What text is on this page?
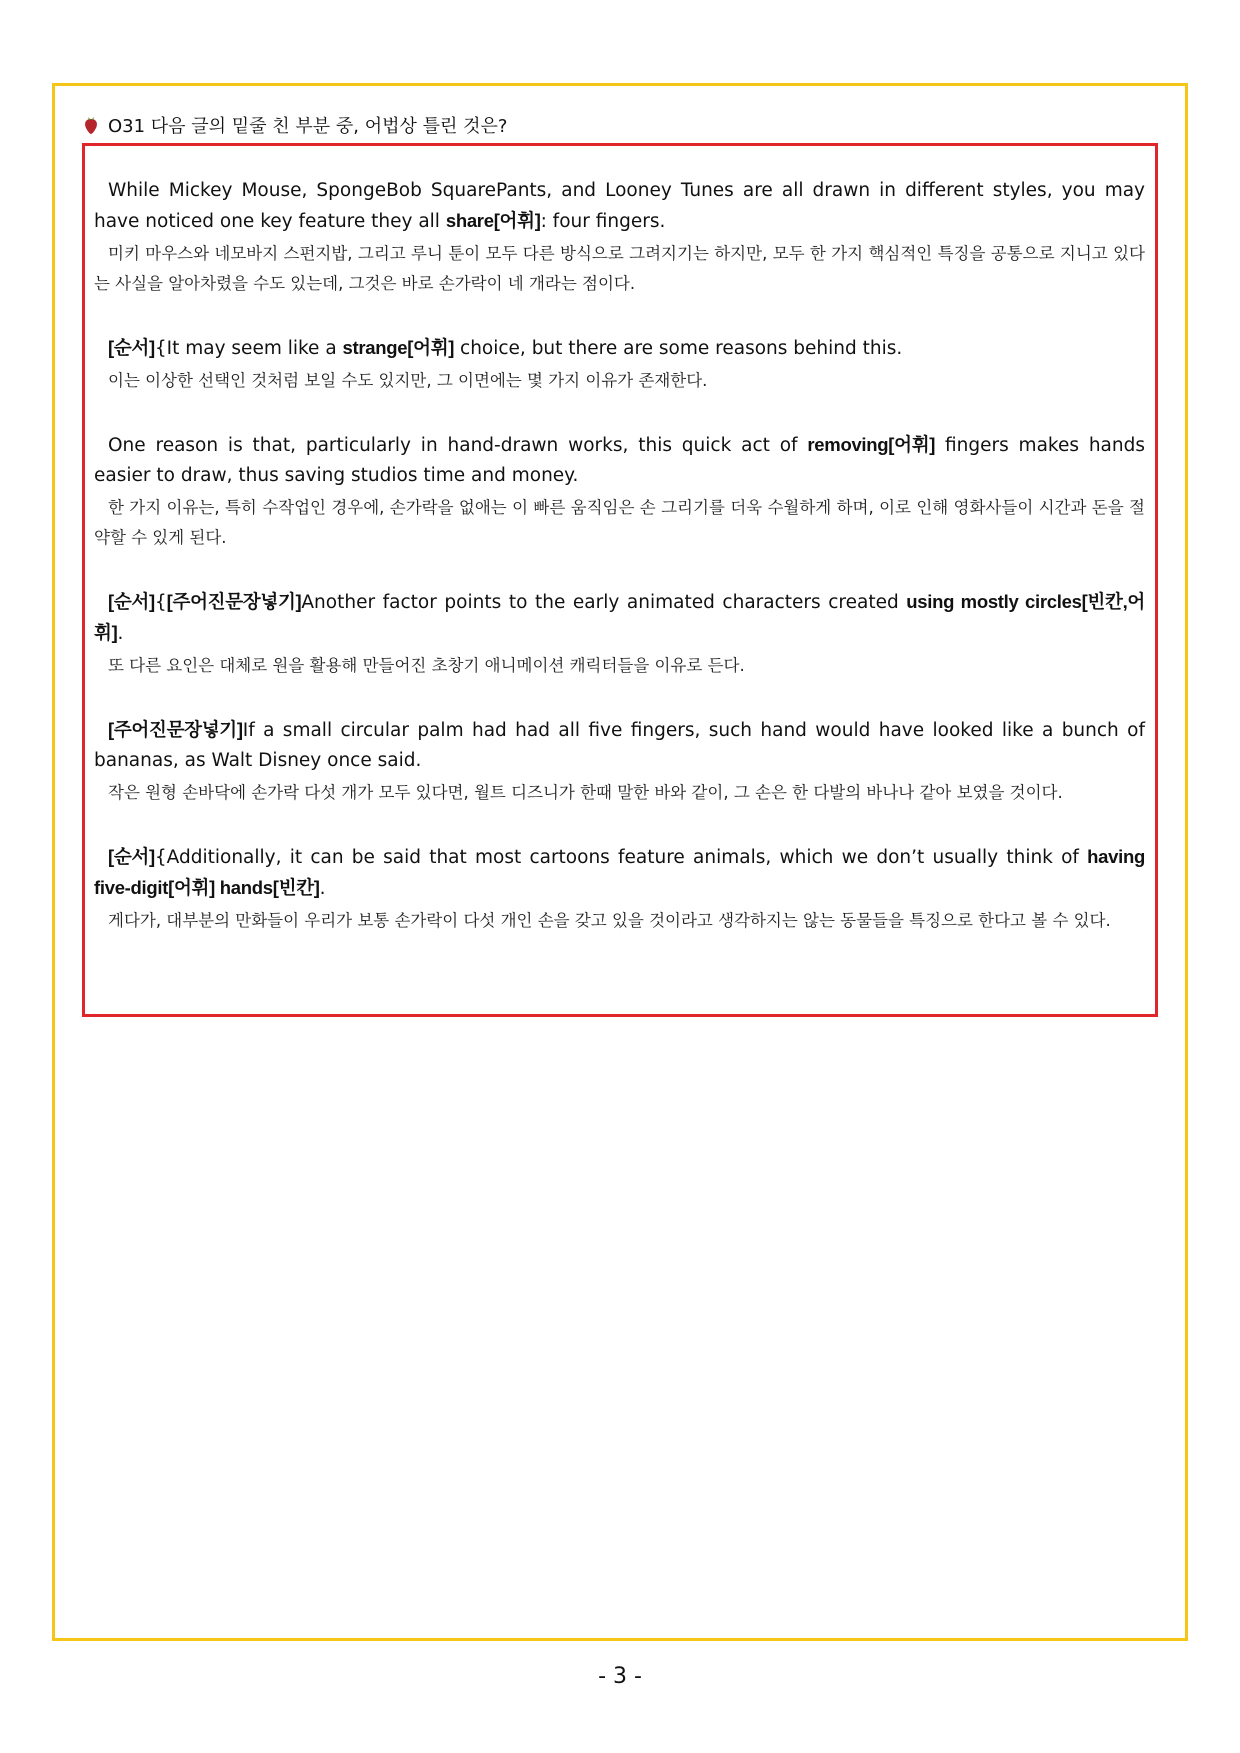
O31 다음 글의 밑줄 친 부분 중, 어법상 틀린 것은?

While Mickey Mouse, SpongeBob SquarePants, and Looney Tunes are all drawn in different styles, you may have noticed one key feature they all share[어휘]: four fingers.

미키 마우스와 네모바지 스펀지밥, 그리고 루니 툰이 모두 다른 방식으로 그려지기는 하지만, 모두 한 가지 핵심적인 특징을 공통으로 지니고 있다는 사실을 알아차렸을 수도 있는데, 그것은 바로 손가락이 네 개라는 점이다.

[순서]{It may seem like a strange[어휘] choice, but there are some reasons behind this.

이는 이상한 선택인 것처럼 보일 수도 있지만, 그 이면에는 몇 가지 이유가 존재한다.

One reason is that, particularly in hand-drawn works, this quick act of removing[어휘] fingers makes hands easier to draw, thus saving studios time and money.

한 가지 이유는, 특히 수작업인 경우에, 손가락을 없애는 이 빠른 움직임은 손 그리기를 더욱 수월하게 하며, 이로 인해 영화사들이 시간과 돈을 절약할 수 있게 된다.

[순서]{[주어진문장넣기]Another factor points to the early animated characters created using mostly circles[빈칸,어휘].

또 다른 요인은 대체로 원을 활용해 만들어진 초창기 애니메이션 캐릭터들을 이유로 든다.

[주어진문장넣기]If a small circular palm had had all five fingers, such hand would have looked like a bunch of bananas, as Walt Disney once said.

작은 원형 손바닥에 손가락 다섯 개가 모두 있다면, 월트 디즈니가 한때 말한 바와 같이, 그 손은 한 다발의 바나나 같아 보였을 것이다.

[순서]{Additionally, it can be said that most cartoons feature animals, which we don’t usually think of having five-digit[어휘] hands[빈칸].

게다가, 대부분의 만화들이 우리가 보통 손가락이 다섯 개인 손을 갖고 있을 것이라고 생각하지는 않는 동물들을 특징으로 한다고 볼 수 있다.

- 3 -
